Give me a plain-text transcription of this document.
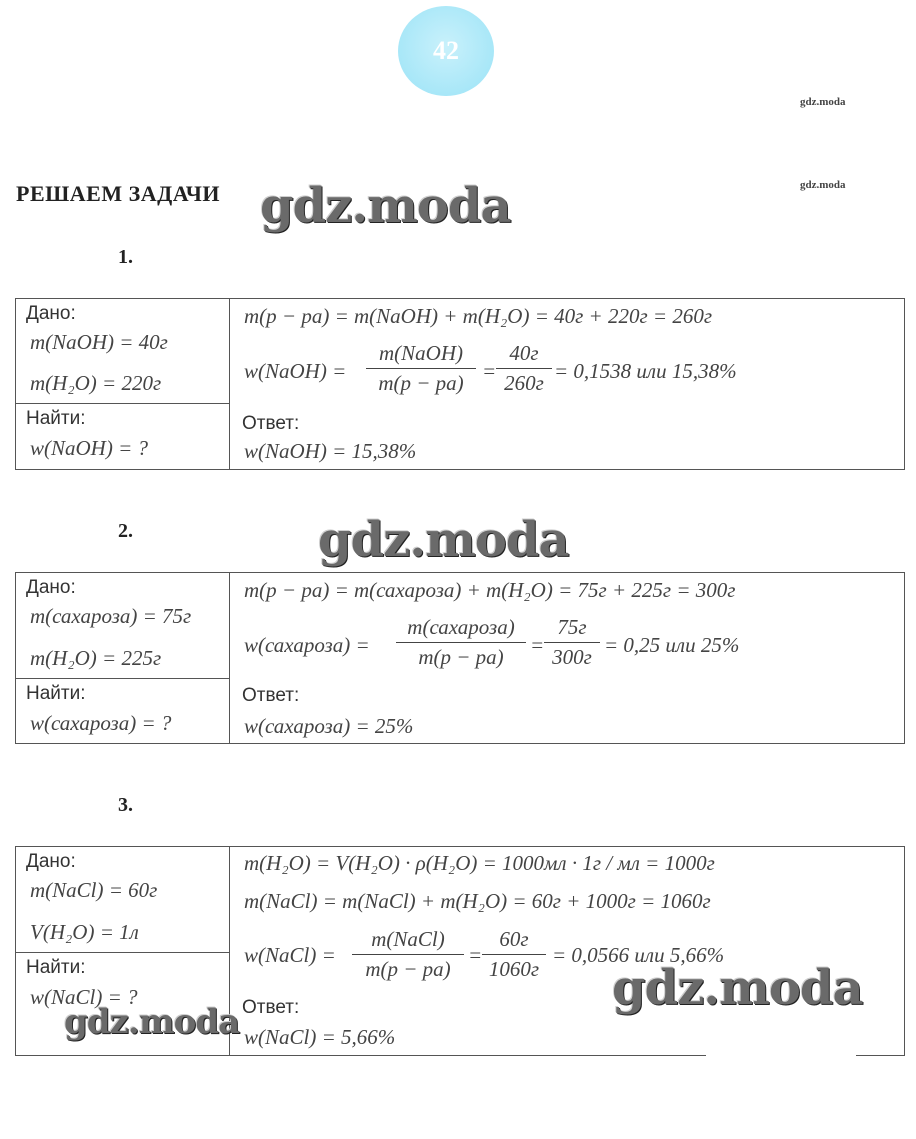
42
gdz.moda
gdz.moda
РЕШАЕМ ЗАДАЧИ gdz.moda
1.
Дано:
m(NaOH) = 40г
m(H₂O) = 220г
Найти:
w(NaOH) = ?
m(р − ра) = m(NaOH) + m(H₂O) = 40г + 220г = 260г
w(NaOH) =
m(NaOH)
m(р − ра) =
40г
260г = 0,1538 или 15,38%
Ответ:
w(NaOH) = 15,38%
2.	gdz.moda
Дано:
m(сахароза) = 75г
m(H₂O) = 225г
Найти:
w(сахароза) = ?
m(р − ра) = m(сахароза) + m(H₂O) = 75г + 225г = 300г
w(сахароза) =
m(сахароза)
m(р − ра)	=
75г
300г = 0,25 или 25%
Ответ:
w(сахароза) = 25%
3.
Дано:
m(NaCl) = 60г
V(H₂O) = 1л
Найти:
w(NaCl) = ?
m(H₂O) = V(H₂O) · ρ(H₂O) = 1000мл · 1г / мл = 1000г
m(NaCl) = m(NaCl) + m(H₂O) = 60г + 1000г = 1060г
w(NaCl) =
m(NaCl)
m(р − ра)
=
60г
1060г
= 0,0566 или 5,66%
Ответ:
w(NaCl) = 5,66%
gdz.moda
gdz.moda
